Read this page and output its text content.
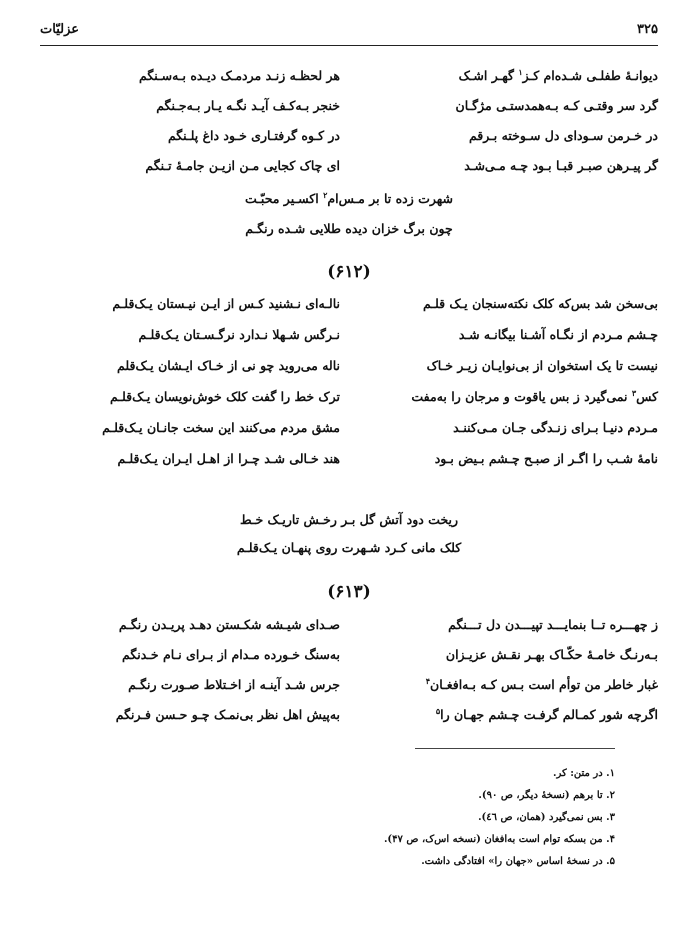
۳۲۵
عزلیّات
دیوانـهٔ طفلـی شـده‌ام کـز$^۱$ گهـر اشـک
هر لحظـه زنـد مردمـک دیـده بـه‌سـنگم
گرد سر وقتـی کـه بـه‌همدستـی مژگـان
خنجر بـه‌کـف آیـد نگـه یـار بـه‌جـنگم
در خـرمن سـودای دل سـوخته بـرقم
در کـوه گرفتـاری خـود داغ پلـنگم
گر پیـرهن صبـر قبـا بـود چـه مـی‌شـد
ای چاک کجایی مـن ازیـن جامـهٔ تـنگم
شهرت زده تا بر مـس‌ام$^۲$ اکسـیر محبّـت
چون برگ خزان دیده طلایی شـده رنگـم
(۶۱۲)
بی‌سخن شد بس‌که کلک نکته‌سنجان یـک قلـم
نالـه‌ای نـشنید کـس از ایـن نیـستان یـک‌قلـم
چـشم مـردم از نگـاه آشـنا بیگانـه شـد
نـرگس شـهلا نـدارد نرگـسـتان یـک‌قلـم
نیست تا یک استخوان از بی‌نوایـان زیـر خـاک
ناله می‌روید چو نی از خـاک ایـشان یـک‌قلم
کس$^۳$ نمی‌گیرد ز بس یاقوت و مرجان را به‌مفت
ترک خط را گفت کلک خوش‌نویسان یـک‌قلـم
مـردم دنیـا بـرای زنـدگی جـان مـی‌کننـد
مشق مردم می‌کنند این سخت جانـان یـک‌قلـم
نامهٔ شـب را اگـر از صبـح چـشم بـیض بـود
هند خـالی شـد چـرا از اهـل ایـران یـک‌قلـم
ریخت دود آتش گل بـر رخـش تاریـک خـط
کلک مانی کـرد شـهرت روی پنهـان یـک‌قلـم
(۶۱۳)
ز چهـــره تــا بنمایـــد تپیـــدن دل تـــنگم
صـدای شیـشه شکـستن دهـد پریـدن رنگـم
بـه‌رنـگ خامـهٔ حکّـاک بهـر نقـش عزیـزان
به‌سنگ خـورده مـدام از بـرای نـام خـدنگم
غبار خاطر من توأم است بـس کـه بـه‌افغـان$^۴$
جرس شـد آینـه از اخـتلاط صـورت رنگـم
اگرچه شور کمـالم گرفـت چـشم جهـان را$^۵$
به‌پیش اهل نظر بی‌نمـک چـو حـسن فـرنگم
۱. در متن: کر.
۲. تا برهم (نسخهٔ دیگر، ص ۹۰).
۳. بس نمی‌گیرد (همان، ص ٤٦).
۴. من بسکه توام است به‌افغان (نسخه اس‌ک، ص ۴۷).
۵. در نسخهٔ اساس «جهان را» افتادگی داشت.
